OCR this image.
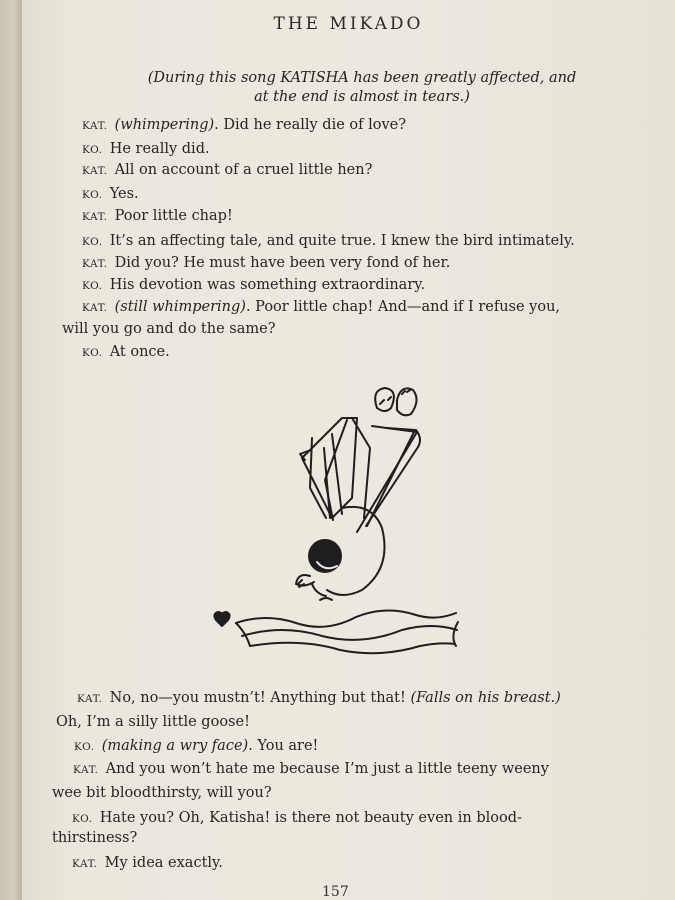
THE MIKADO
(During this song KATISHA has been greatly affected, and
at the end is almost in tears.)
KAT. (whimpering). Did he really die of love?
KO. He really did.
KAT. All on account of a cruel little hen?
KO. Yes.
KAT. Poor little chap!
KO. It’s an affecting tale, and quite true. I knew the bird intimately.
KAT. Did you? He must have been very fond of her.
KO. His devotion was something extraordinary.
KAT. (still whimpering). Poor little chap! And—and if I refuse you,
will you go and do the same?
KO. At once.
KAT. No, no—you mustn’t! Anything but that! (Falls on his breast.)
Oh, I’m a silly little goose!
KO. (making a wry face). You are!
KAT. And you won’t hate me because I’m just a little teeny weeny
wee bit bloodthirsty, will you?
KO. Hate you? Oh, Katisha! is there not beauty even in blood-
thirstiness?
KAT. My idea exactly.
157
